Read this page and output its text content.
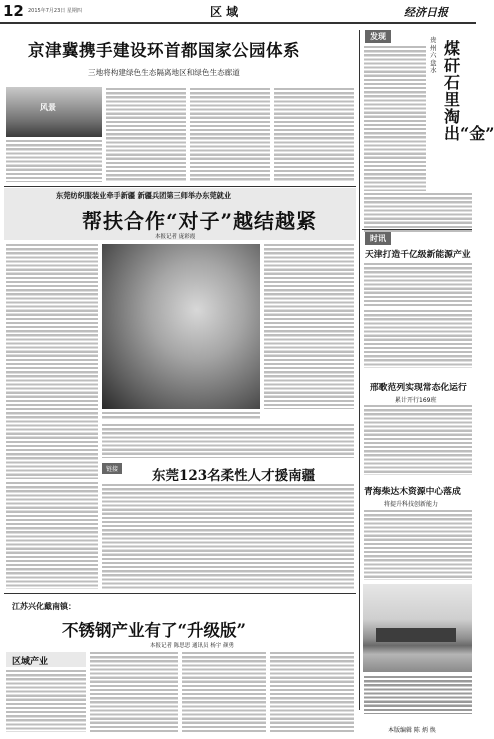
12 2015年7月23日 星期四	区 域	经济日报
京津冀携手建设环首都国家公园体系
三地将构建绿色生态隔离地区和绿色生态廊道
风景
发现	贵州六盘水
煤矸石里淘出“金”
时讯
天津打造千亿级新能源产业
邢歌范列实现常态化运行
累计开行169班
青海柴达木资源中心落成
将提升科技创新能力
东莞纺织服装业牵手新疆 新疆兵团第三师举办东莞就业
帮扶合作“对子”越结越紧
本报记者 庞彩霞
链接	东莞123名柔性人才援南疆
江苏兴化戴南镇：
不锈钢产业有了“升级版”
本报记者 陈思思 通讯员 杨宇 颜勇
区域产业
本版编辑 陈 炳 焕
